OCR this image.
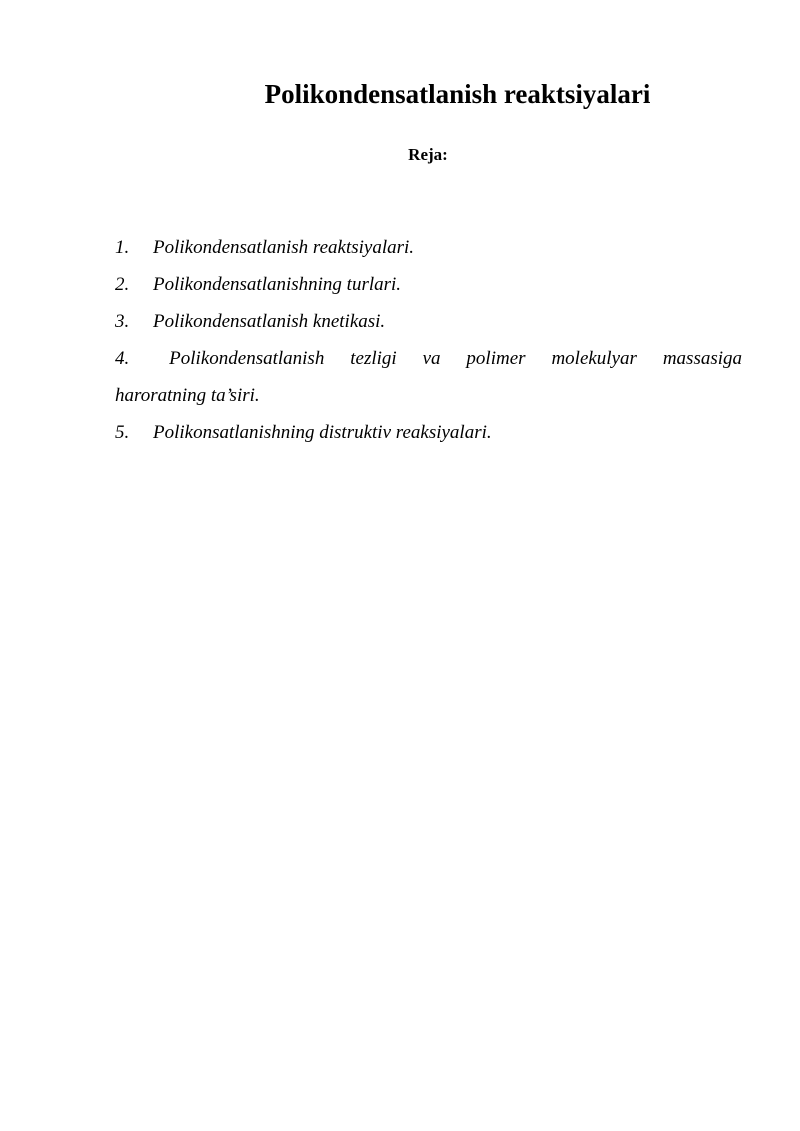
Polikondensatlanish reaktsiyalari

Reja:

1. Polikondensatlanish reaktsiyalari.
2. Polikondensatlanishning turlari.
3. Polikondensatlanish knetikasi.
4. Polikondensatlanish tezligi va polimer molekulyar massasiga
haroratning ta’siri.
5. Polikonsatlanishning distruktiv reaksiyalari.
